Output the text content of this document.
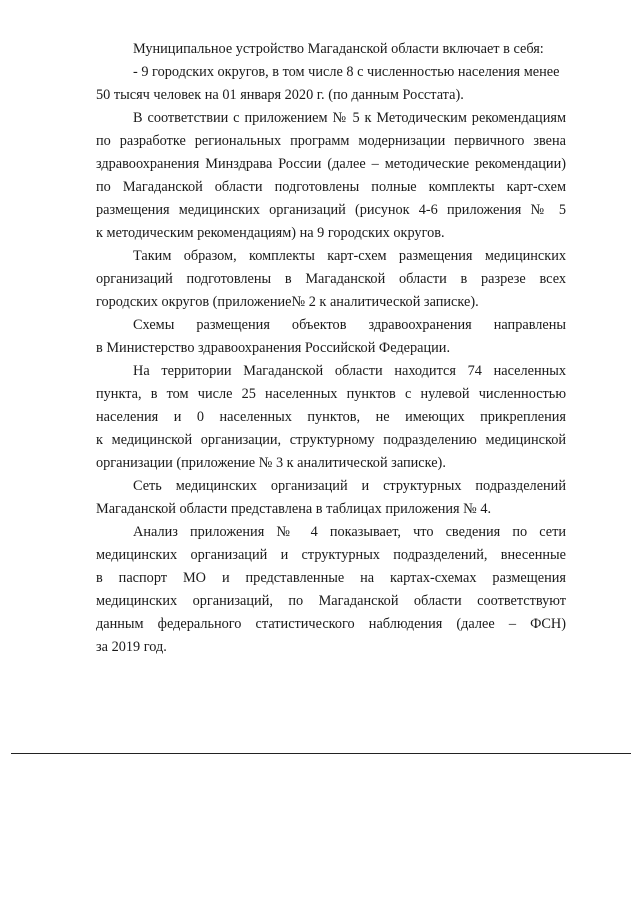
Муниципальное устройство Магаданской области включает в себя:
- 9 городских округов, в том числе 8 с численностью населения менее
50 тысяч человек на 01 января 2020 г. (по данным Росстата).
В соответствии с приложением № 5 к Методическим рекомендациям
по разработке региональных программ модернизации первичного звена
здравоохранения Минздрава России (далее – методические рекомендации)
по Магаданской области подготовлены полные комплекты карт-схем
размещения медицинских организаций (рисунок 4-6 приложения № 5
к методическим рекомендациям) на 9 городских округов.
Таким образом, комплекты карт-схем размещения медицинских
организаций подготовлены в Магаданской области в разрезе всех
городских округов (приложение№ 2 к аналитической записке).
Схемы размещения объектов здравоохранения направлены
в Министерство здравоохранения Российской Федерации.
На территории Магаданской области находится 74 населенных
пункта, в том числе 25 населенных пунктов с нулевой численностью
населения и 0 населенных пунктов, не имеющих прикрепления
к медицинской организации, структурному подразделению медицинской
организации (приложение № 3 к аналитической записке).
Сеть медицинских организаций и структурных подразделений
Магаданской области представлена в таблицах приложения № 4.
Анализ приложения № 4 показывает, что сведения по сети
медицинских организаций и структурных подразделений, внесенные
в паспорт МО и представленные на картах-схемах размещения
медицинских организаций, по Магаданской области соответствуют
данным федерального статистического наблюдения (далее – ФСН)
за 2019 год.
